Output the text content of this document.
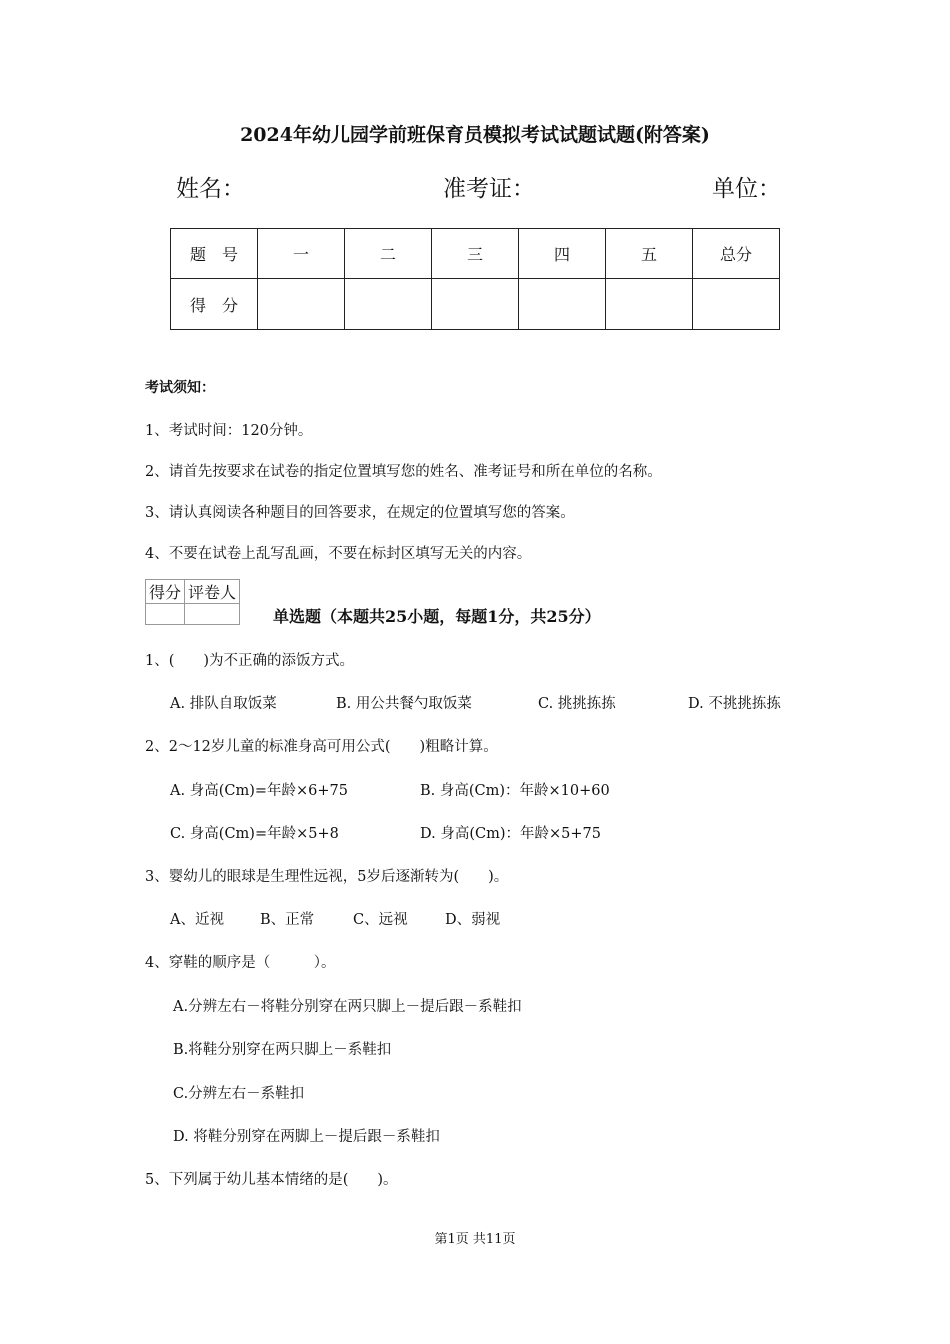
2024年幼儿园学前班保育员模拟考试试题试题(附答案)
姓名：	准考证：	单位：
题　号	一	二	三	四	五	总分
得　分						
考试须知：
1、考试时间：120分钟。
2、请首先按要求在试卷的指定位置填写您的姓名、准考证号和所在单位的名称。
3、请认真阅读各种题目的回答要求，在规定的位置填写您的答案。
4、不要在试卷上乱写乱画，不要在标封区填写无关的内容。
得分	评卷人

单选题（本题共25小题，每题1分，共25分）
1、(　　)为不正确的添饭方式。
A. 排队自取饭菜	B. 用公共餐勺取饭菜	C. 挑挑拣拣	D. 不挑挑拣拣
2、2～12岁儿童的标准身高可用公式(　　)粗略计算。
A. 身高(Cm)=年龄×6+75	B. 身高(Cm)：年龄×10+60
C. 身高(Cm)=年龄×5+8	D. 身高(Cm)：年龄×5+75
3、婴幼儿的眼球是生理性远视，5岁后逐渐转为(　　)。
A、近视 B、正常	C、远视	D、弱视
4、穿鞋的顺序是（　　　）。
A.分辨左右－将鞋分别穿在两只脚上－提后跟－系鞋扣
B.将鞋分别穿在两只脚上－系鞋扣
C.分辨左右－系鞋扣
D. 将鞋分别穿在两脚上－提后跟－系鞋扣
5、下列属于幼儿基本情绪的是(　　)。
第1页 共11页
